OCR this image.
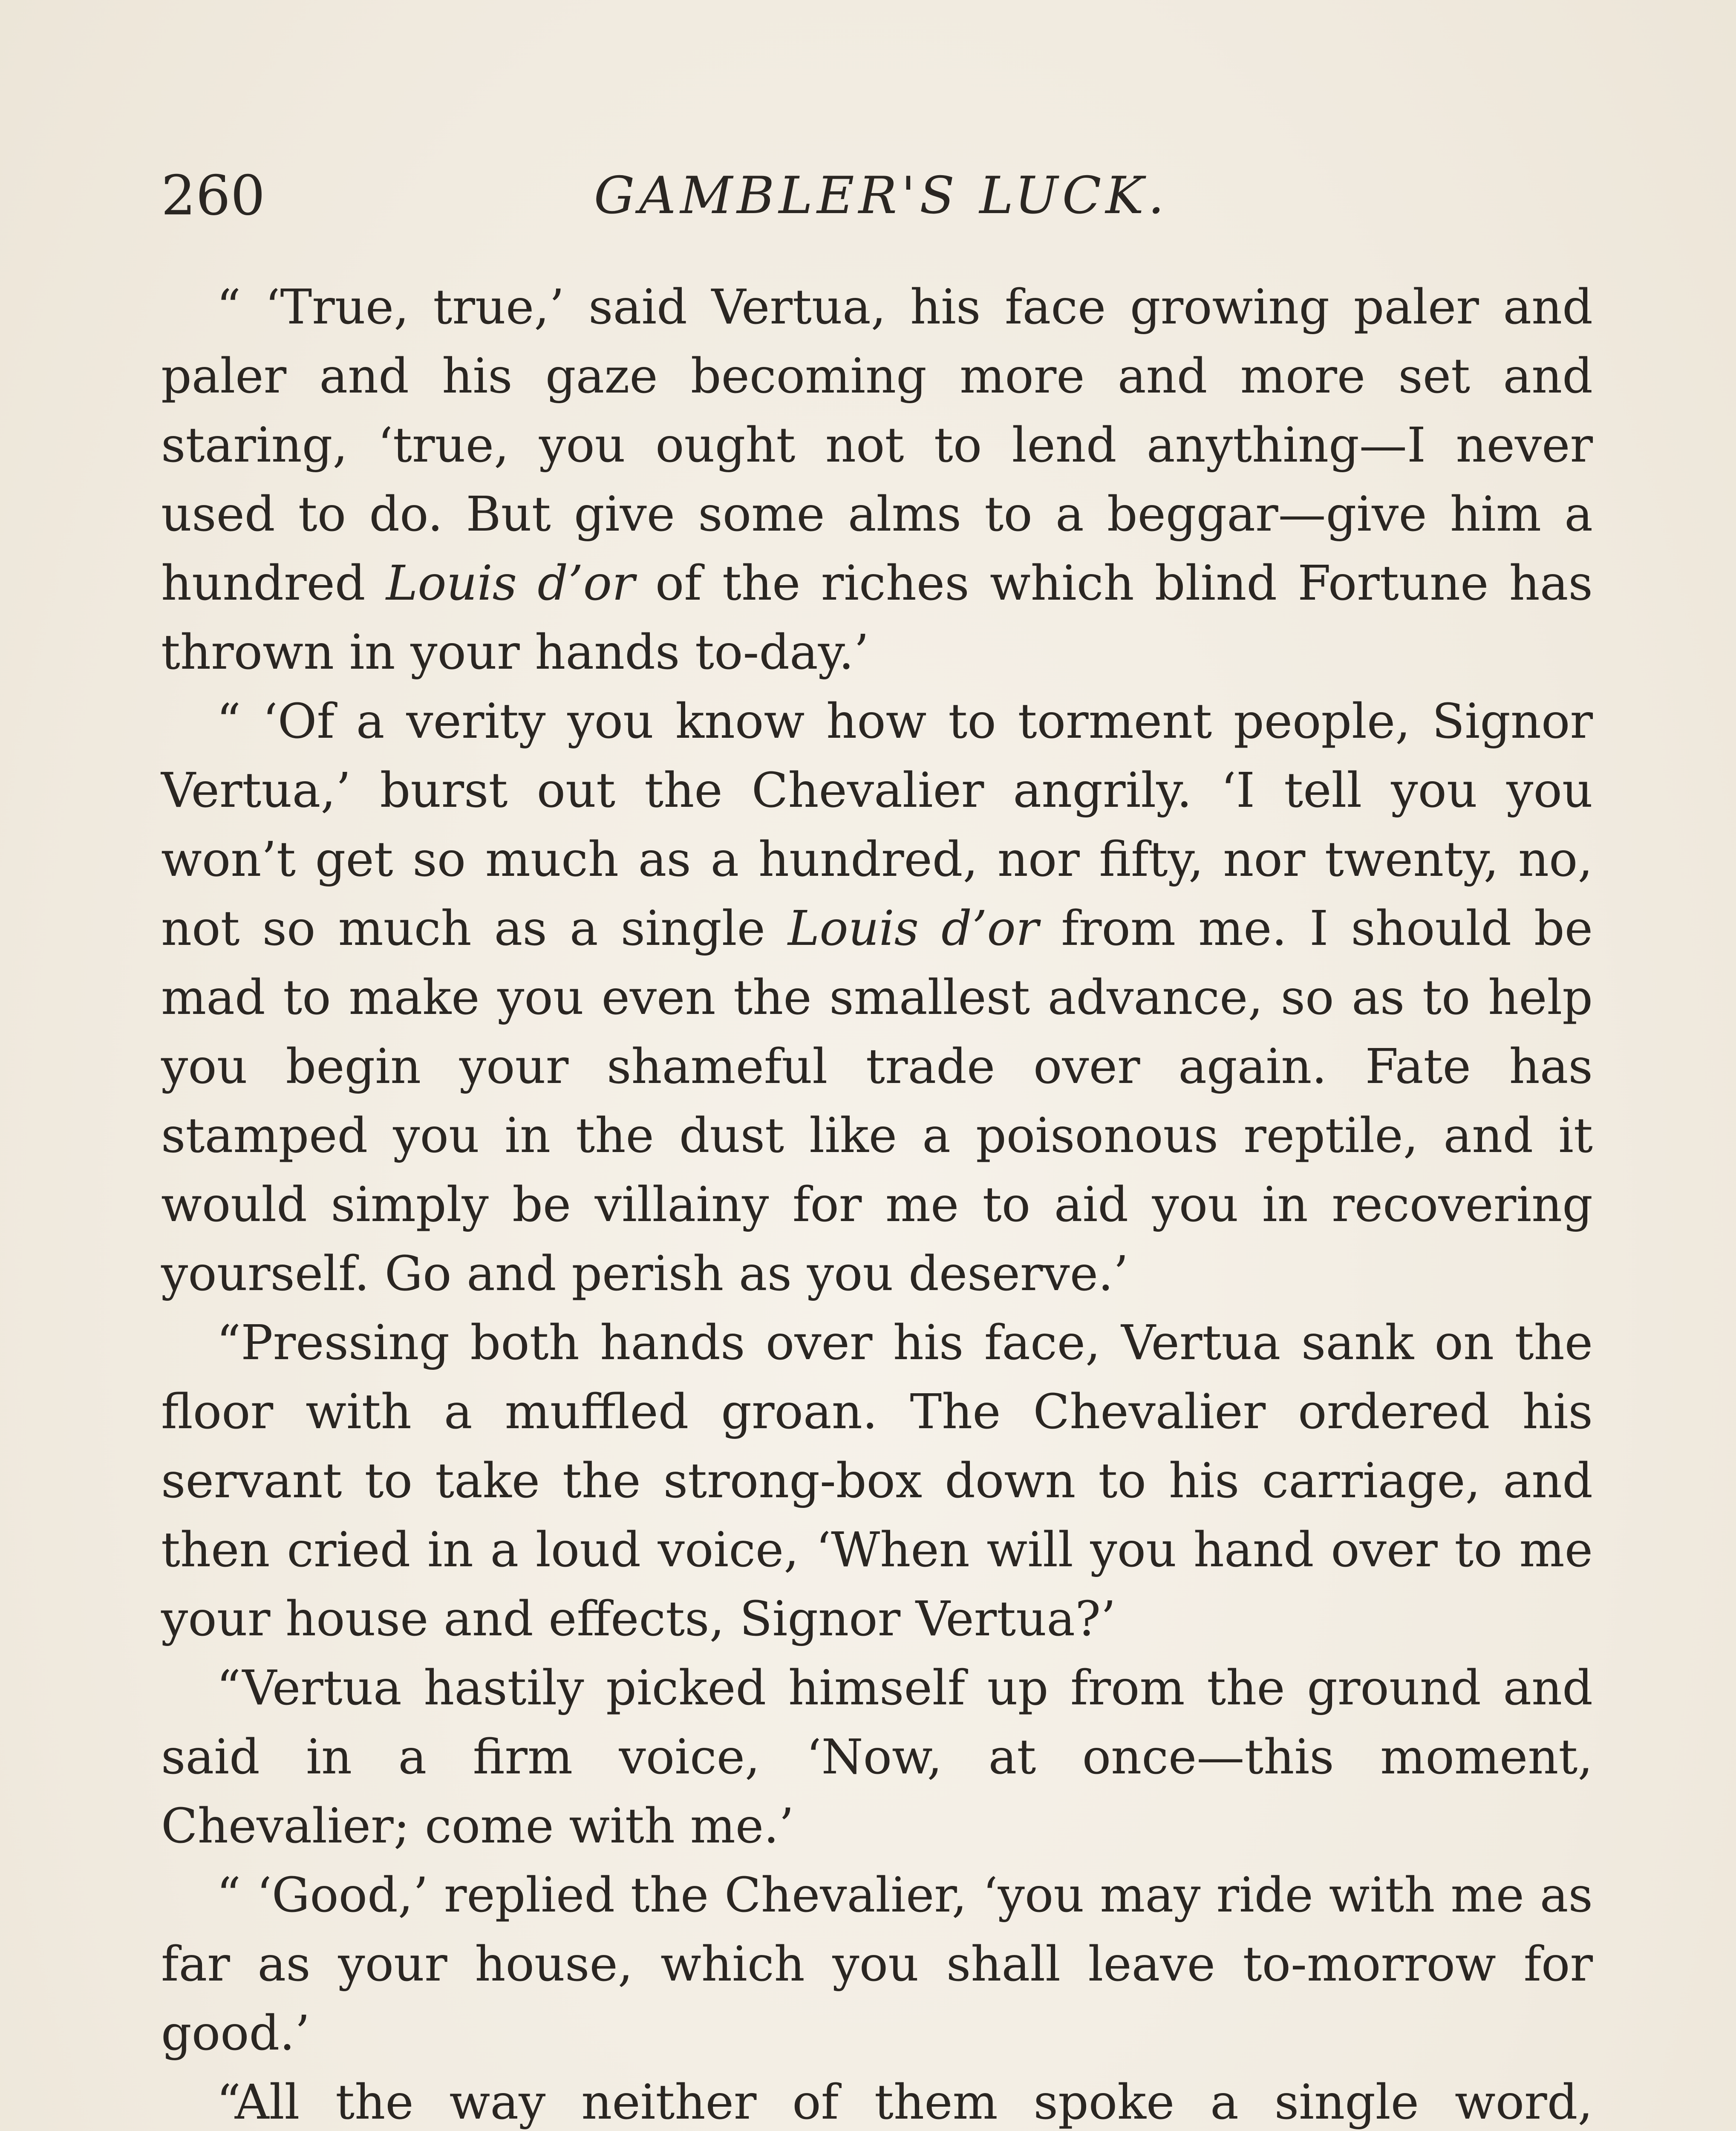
260	GAMBLER'S LUCK.

“ ‘True, true,’ said Vertua, his face growing paler and paler and his gaze becoming more and more set and staring, ‘true, you ought not to lend anything—I never used to do. But give some alms to a beggar—give him a hundred Louis d’or of the riches which blind Fortune has thrown in your hands to-day.’

“ ‘Of a verity you know how to torment people, Signor Vertua,’ burst out the Chevalier angrily. ‘I tell you you won’t get so much as a hundred, nor fifty, nor twenty, no, not so much as a single Louis d’or from me. I should be mad to make you even the smallest advance, so as to help you begin your shameful trade over again. Fate has stamped you in the dust like a poisonous reptile, and it would simply be villainy for me to aid you in recovering yourself. Go and perish as you deserve.’

“Pressing both hands over his face, Vertua sank on the floor with a muffled groan. The Chevalier ordered his servant to take the strong-box down to his carriage, and then cried in a loud voice, ‘When will you hand over to me your house and effects, Signor Vertua?’

“Vertua hastily picked himself up from the ground and said in a firm voice, ‘Now, at once—this moment, Chevalier; come with me.’

“ ‘Good,’ replied the Chevalier, ‘you may ride with me as far as your house, which you shall leave to-morrow for good.’

“All the way neither of them spoke a single word,
